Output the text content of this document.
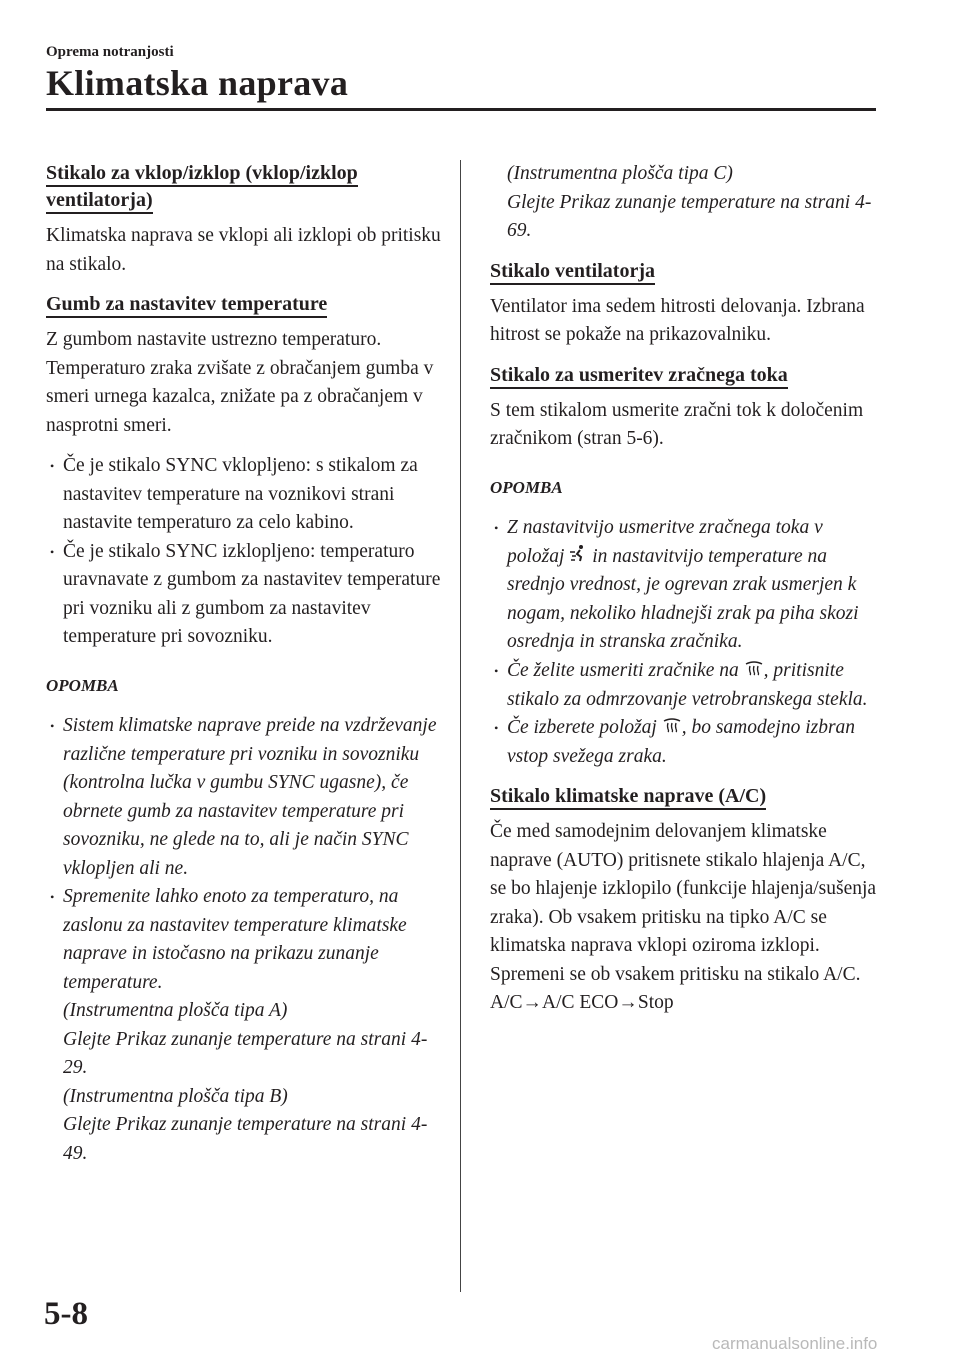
Oprema notranjosti
Klimatska naprava
Stikalo za vklop/izklop (vklop/izklop
ventilatorja)

Klimatska naprava se vklopi ali izklopi ob pritisku na stikalo.

Gumb za nastavitev temperature

Z gumbom nastavite ustrezno temperaturo. Temperaturo zraka zvišate z obračanjem gumba v smeri urnega kazalca, znižate pa z obračanjem v nasprotni smeri.

• Če je stikalo SYNC vklopljeno: s stikalom za nastavitev temperature na voznikovi strani nastavite temperaturo za celo kabino.
• Če je stikalo SYNC izklopljeno: temperaturo uravnavate z gumbom za nastavitev temperature pri vozniku ali z gumbom za nastavitev temperature pri sovozniku.
OPOMBA
• Sistem klimatske naprave preide na vzdrževanje različne temperature pri vozniku in sovozniku (kontrolna lučka v gumbu SYNC ugasne), če obrnete gumb za nastavitev temperature pri sovozniku, ne glede na to, ali je način SYNC vklopljen ali ne.
• Spremenite lahko enoto za temperaturo, na zaslonu za nastavitev temperature klimatske naprave in istočasno na prikazu zunanje temperature.
(Instrumentna plošča tipa A)
Glejte Prikaz zunanje temperature na strani 4-29.
(Instrumentna plošča tipa B)
Glejte Prikaz zunanje temperature na strani 4-49.
(Instrumentna plošča tipa C)
Glejte Prikaz zunanje temperature na strani 4-69.
Stikalo ventilatorja

Ventilator ima sedem hitrosti delovanja. Izbrana hitrost se pokaže na prikazovalniku.

Stikalo za usmeritev zračnega toka

S tem stikalom usmerite zračni tok k določenim zračnikom (stran 5-6).

OPOMBA
• Z nastavitvijo usmeritve zračnega toka v položaj  in nastavitvijo temperature na srednjo vrednost, je ogrevan zrak usmerjen k nogam, nekoliko hladnejši zrak pa piha skozi osrednja in stranska zračnika.
• Če želite usmeriti zračnike na , pritisnite stikalo za odmrzovanje vetrobranskega stekla.
• Če izberete položaj , bo samodejno izbran vstop svežega zraka.
Stikalo klimatske naprave (A/C)

Če med samodejnim delovanjem klimatske naprave (AUTO) pritisnete stikalo hlajenja A/C, se bo hlajenje izklopilo (funkcije hlajenja/sušenja zraka). Ob vsakem pritisku na tipko A/C se klimatska naprava vklopi oziroma izklopi. Spremeni se ob vsakem pritisku na stikalo A/C.

A/C→A/C ECO→Stop

5-8
carmanualsonline.info
